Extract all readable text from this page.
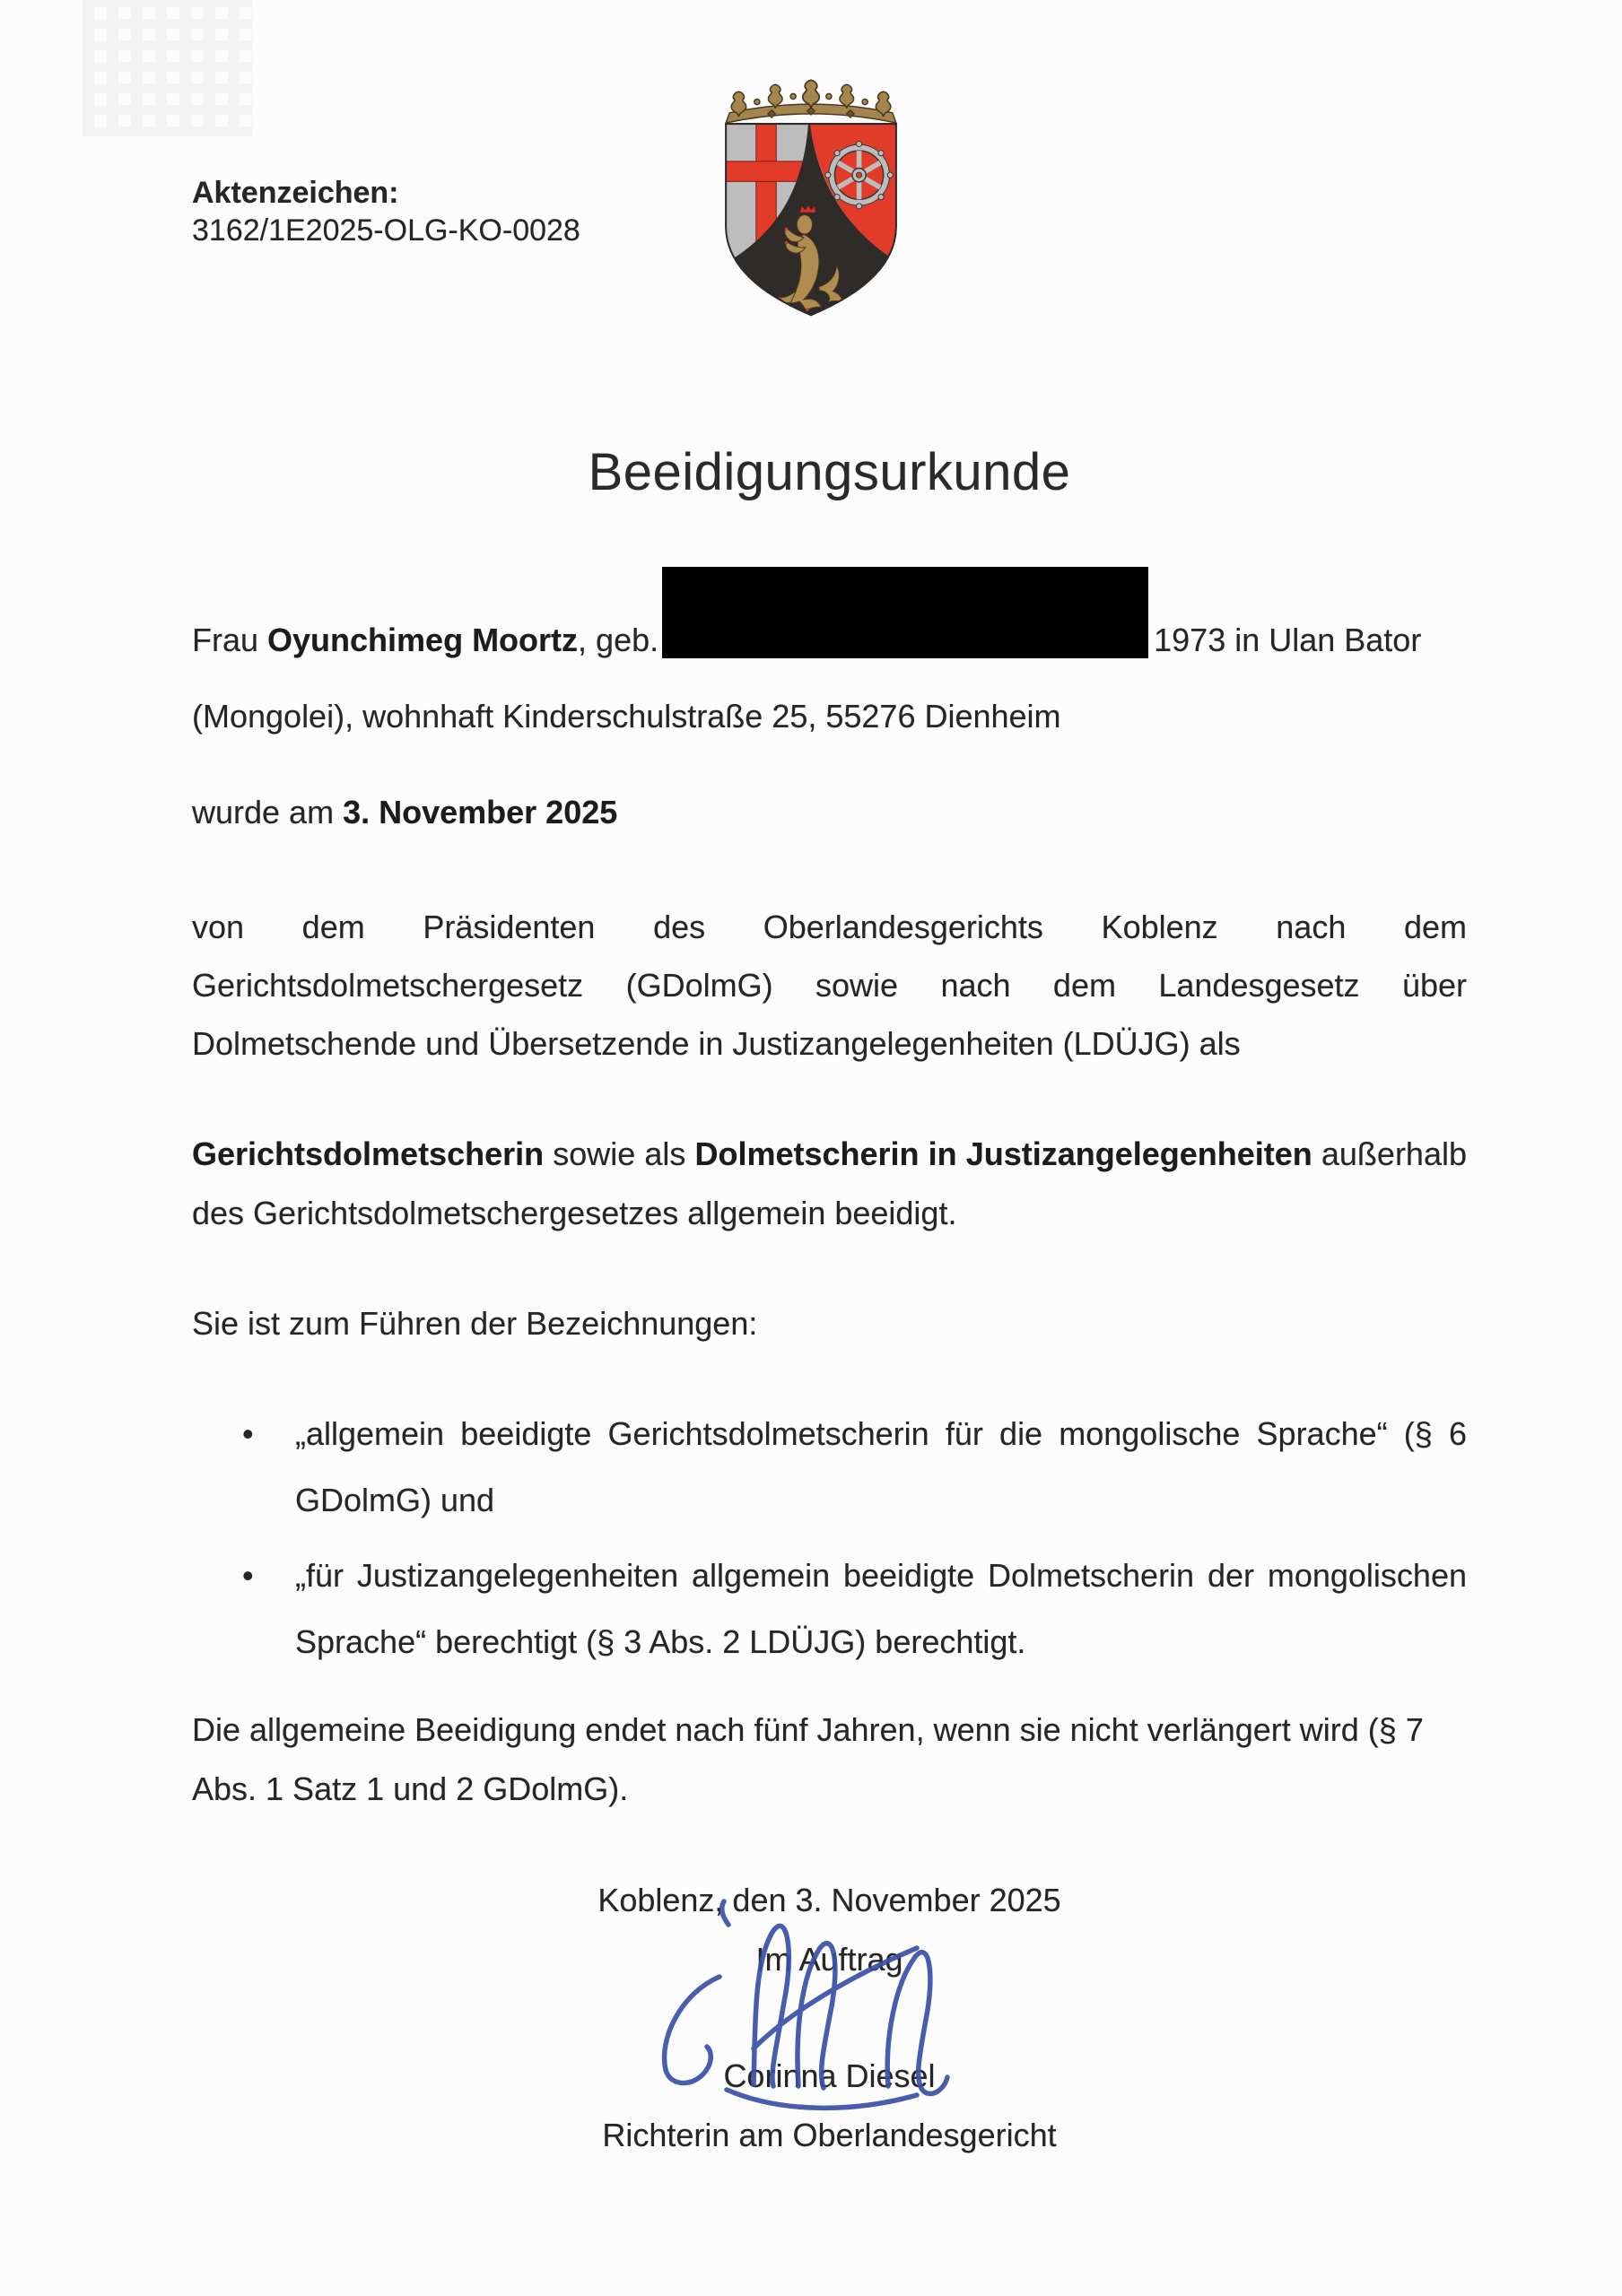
Aktenzeichen:
3162/1E2025-OLG-KO-0028
Beeidigungsurkunde

Frau Oyunchimeg Moortz, geb.	1973 in Ulan Bator
(Mongolei), wohnhaft Kinderschulstraße 25, 55276 Dienheim

wurde am 3. November 2025

von dem Präsidenten des Oberlandesgerichts Koblenz nach dem Gerichtsdolmetschergesetz (GDolmG) sowie nach dem Landesgesetz über Dolmetschende und Übersetzende in Justizangelegenheiten (LDÜJG) als

Gerichtsdolmetscherin sowie als Dolmetscherin in Justizangelegenheiten außerhalb des Gerichtsdolmetschergesetzes allgemein beeidigt.

Sie ist zum Führen der Bezeichnungen:

•	„allgemein beeidigte Gerichtsdolmetscherin für die mongolische Sprache“ (§ 6 GDolmG) und
•	„für Justizangelegenheiten allgemein beeidigte Dolmetscherin der mongolischen Sprache“ berechtigt (§ 3 Abs. 2 LDÜJG) berechtigt.

Die allgemeine Beeidigung endet nach fünf Jahren, wenn sie nicht verlängert wird (§ 7 Abs. 1 Satz 1 und 2 GDolmG).

Koblenz, den 3. November 2025
Im Auftrag
Corinna Diesel
Richterin am Oberlandesgericht
